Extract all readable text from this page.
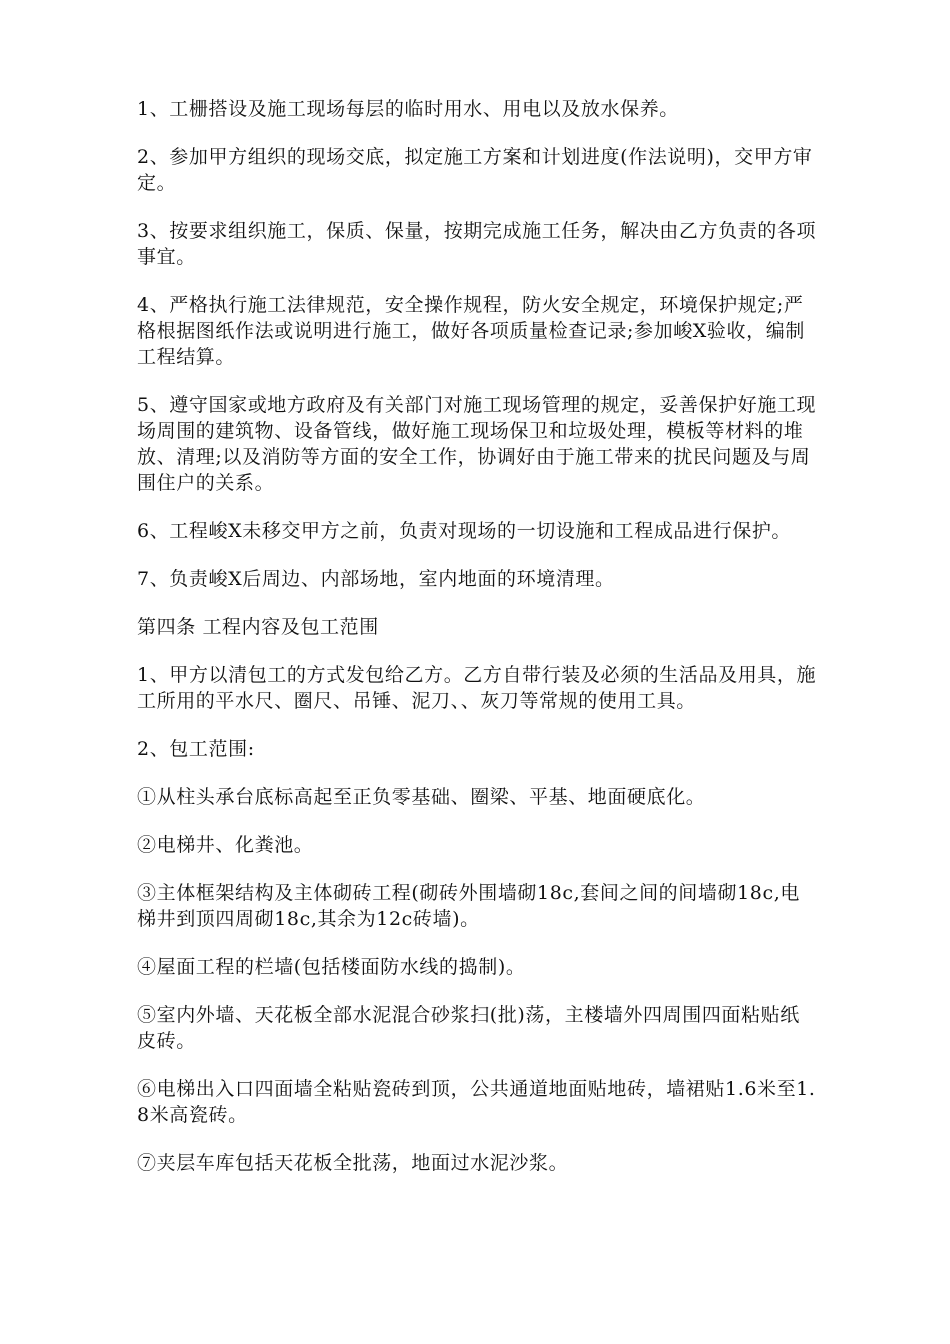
1、工栅搭设及施工现场每层的临时用水、用电以及放水保养。

2、参加甲方组织的现场交底，拟定施工方案和计划进度(作法说明)，交甲方审定。

3、按要求组织施工，保质、保量，按期完成施工任务，解决由乙方负责的各项事宜。

4、严格执行施工法律规范，安全操作规程，防火安全规定，环境保护规定;严格根据图纸作法或说明进行施工，做好各项质量检查记录;参加峻X验收，编制工程结算。

5、遵守国家或地方政府及有关部门对施工现场管理的规定，妥善保护好施工现场周围的建筑物、设备管线，做好施工现场保卫和垃圾处理，模板等材料的堆放、清理;以及消防等方面的安全工作，协调好由于施工带来的扰民问题及与周围住户的关系。

6、工程峻X未移交甲方之前，负责对现场的一切设施和工程成品进行保护。

7、负责峻X后周边、内部场地，室内地面的环境清理。

第四条 工程内容及包工范围

1、甲方以清包工的方式发包给乙方。乙方自带行装及必须的生活品及用具，施工所用的平水尺、圈尺、吊锤、泥刀、、灰刀等常规的使用工具。

2、包工范围:

①从柱头承台底标高起至正负零基础、圈梁、平基、地面硬底化。

②电梯井、化粪池。

③主体框架结构及主体砌砖工程(砌砖外围墙砌18c,套间之间的间墙砌18c,电梯井到顶四周砌18c,其余为12c砖墙)。

④屋面工程的栏墙(包括楼面防水线的捣制)。

⑤室内外墙、天花板全部水泥混合砂浆扫(批)荡，主楼墙外四周围四面粘贴纸皮砖。

⑥电梯出入口四面墙全粘贴瓷砖到顶，公共通道地面贴地砖，墙裙贴1.6米至1.8米高瓷砖。

⑦夹层车库包括天花板全批荡，地面过水泥沙浆。
